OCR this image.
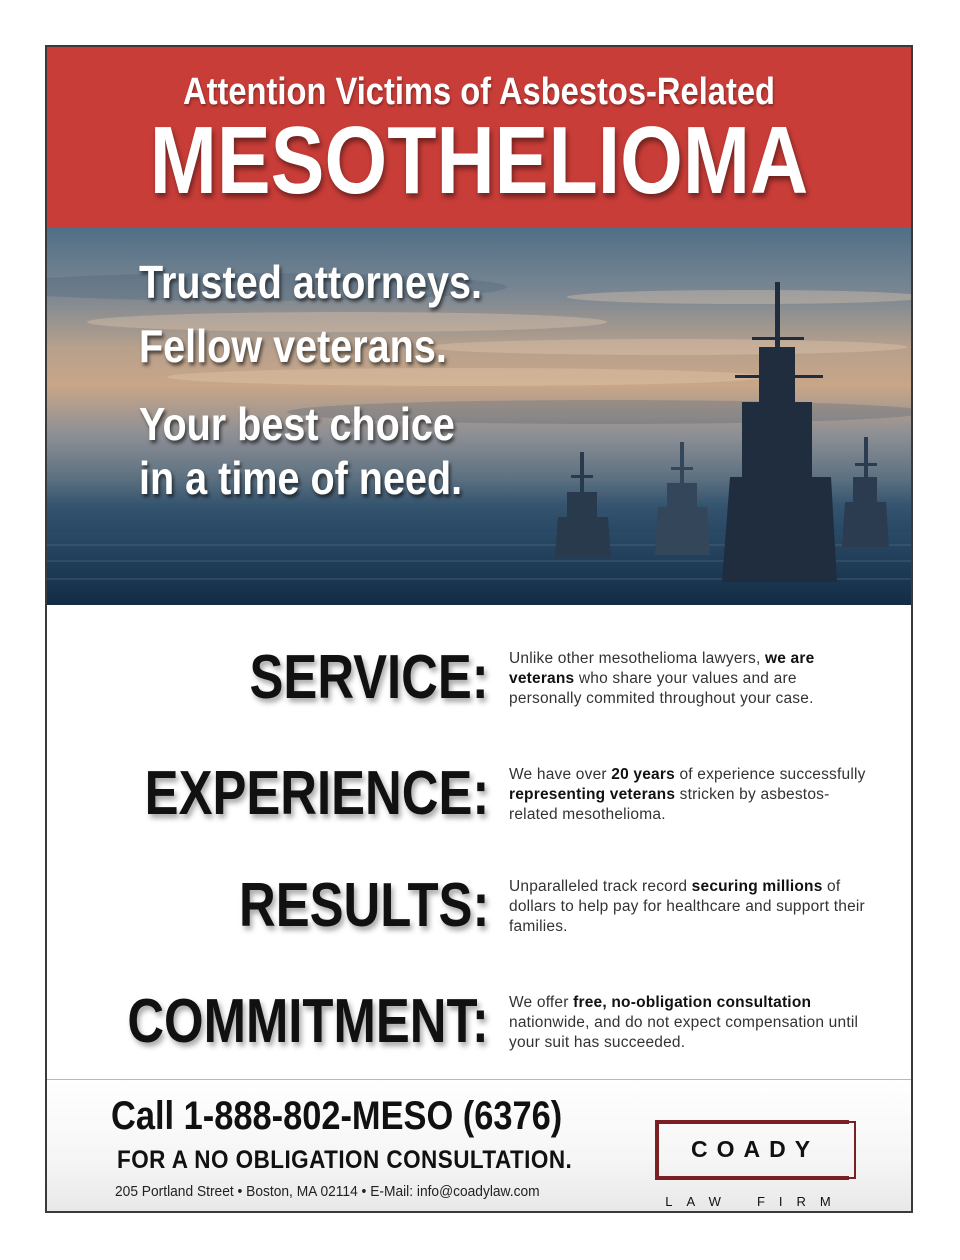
Attention Victims of Asbestos-Related
MESOTHELIOMA
Trusted attorneys.
Fellow veterans.
Your best choice
in a time of need.
SERVICE: Unlike other mesothelioma lawyers, we are veterans who share your values and are personally commited throughout your case.
EXPERIENCE: We have over 20 years of experience successfully representing veterans stricken by asbestos-related mesothelioma.
RESULTS: Unparalleled track record securing millions of dollars to help pay for healthcare and support their families.
COMMITMENT: We offer free, no-obligation consultation nationwide, and do not expect compensation until your suit has succeeded.
Call 1-888-802-MESO (6376)
FOR A NO OBLIGATION CONSULTATION.
205 Portland Street • Boston, MA 02114 • E-Mail: info@coadylaw.com
COADY
LAW FIRM
